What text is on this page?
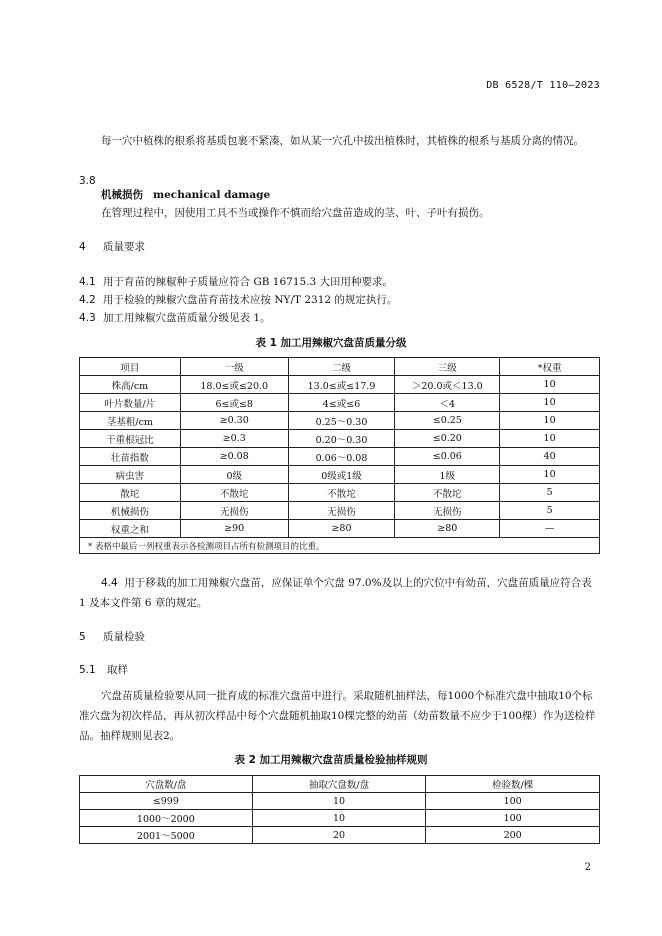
DB 6528/T 110—2023
每一穴中植株的根系将基质包裹不紧凑，如从某一穴孔中拔出植株时，其植株的根系与基质分离的情况。
3.8
机械损伤 mechanical damage
在管理过程中，因使用工具不当或操作不慎而给穴盘苗造成的茎、叶、子叶有损伤。
4 质量要求
4.1 用于育苗的辣椒种子质量应符合 GB 16715.3 大田用种要求。
4.2 用于检验的辣椒穴盘苗育苗技术应按 NY/T 2312 的规定执行。
4.3 加工用辣椒穴盘苗质量分级见表 1。
表 1 加工用辣椒穴盘苗质量分级
项目	一级	二级	三级	*权重
株高/cm	18.0≤或≤20.0	13.0≤或≤17.9	＞20.0或＜13.0	10
叶片数量/片	6≤或≤8	4≤或≤6	＜4	10
茎基粗/cm	≥0.30	0.25～0.30	≤0.25	10
干重根冠比	≥0.3	0.20～0.30	≤0.20	10
壮苗指数	≥0.08	0.06～0.08	≤0.06	40
病虫害	0级	0级或1级	1级	10
散坨	不散坨	不散坨	不散坨	5
机械损伤	无损伤	无损伤	无损伤	5
权重之和	≥90	≥80	≥80	—
* 表格中最后一列权重表示各检测项目占所有检测项目的比重。				
4.4 用于移栽的加工用辣椒穴盘苗，应保证单个穴盘 97.0%及以上的穴位中有幼苗，穴盘苗质量应符合表 1 及本文件第 6 章的规定。
5 质量检验
5.1 取样
穴盘苗质量检验要从同一批育成的标准穴盘苗中进行。采取随机抽样法，每1000个标准穴盘中抽取10个标准穴盘为初次样品，再从初次样品中每个穴盘随机抽取10棵完整的幼苗（幼苗数量不应少于100棵）作为送检样品。抽样规则见表2。
表 2 加工用辣椒穴盘苗质量检验抽样规则
穴盘数/盘	抽取穴盘数/盘	检验数/棵
≤999	10	100
1000～2000	10	100
2001～5000	20	200
2
